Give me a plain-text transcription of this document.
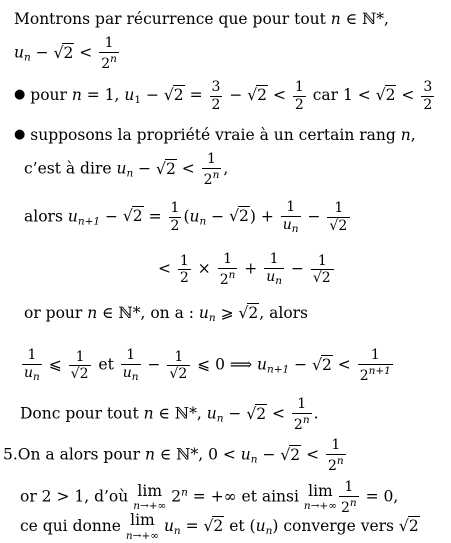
Montrons par récurrence que pour tout n ∈ ℕ*,
$u_n - √2 < \frac{1}{2^n}$
● pour n = 1, $u_1 - √2 = \frac{3}{2} - √2 < \frac{1}{2}$ car $1 < √2 < \frac{3}{2}$
● supposons la propriété vraie à un certain rang n,
c’est à dire $u_n - √2 < \frac{1}{2^n}$ ,
alors $u_{n+1} - √2 = \frac{1}{2} (u_n - √2) + \frac{1}{u_n} - \frac{1}{√2}$
< $\frac{1}{2} \times \frac{1}{2^n} + \frac{1}{u_n} - \frac{1}{√2}$
or pour n ∈ ℕ*, on a : $u_n$ ⩾ √2, alors
$\frac{1}{u_n}$ ⩽ $\frac{1}{√2}$ et $\frac{1}{u_n} - \frac{1}{√2}$ ⩽ 0 ⟹ $u_{n+1} - √2 < \frac{1}{2^{n+1}}$
Donc pour tout n ∈ ℕ*, $u_n - √2 < \frac{1}{2^n}$ .
5.On a alors pour n ∈ ℕ*, $0 < u_n - √2 < \frac{1}{2^n}$
or 2 > 1, d’où lim
n→+∞
$2^n$ = +∞ et ainsi lim
$n\to+\infty \frac{1}{2^n} = 0$,
ce qui donne lim
n→+∞
$u_n = √2$ et $(u_n)$ converge vers √2
